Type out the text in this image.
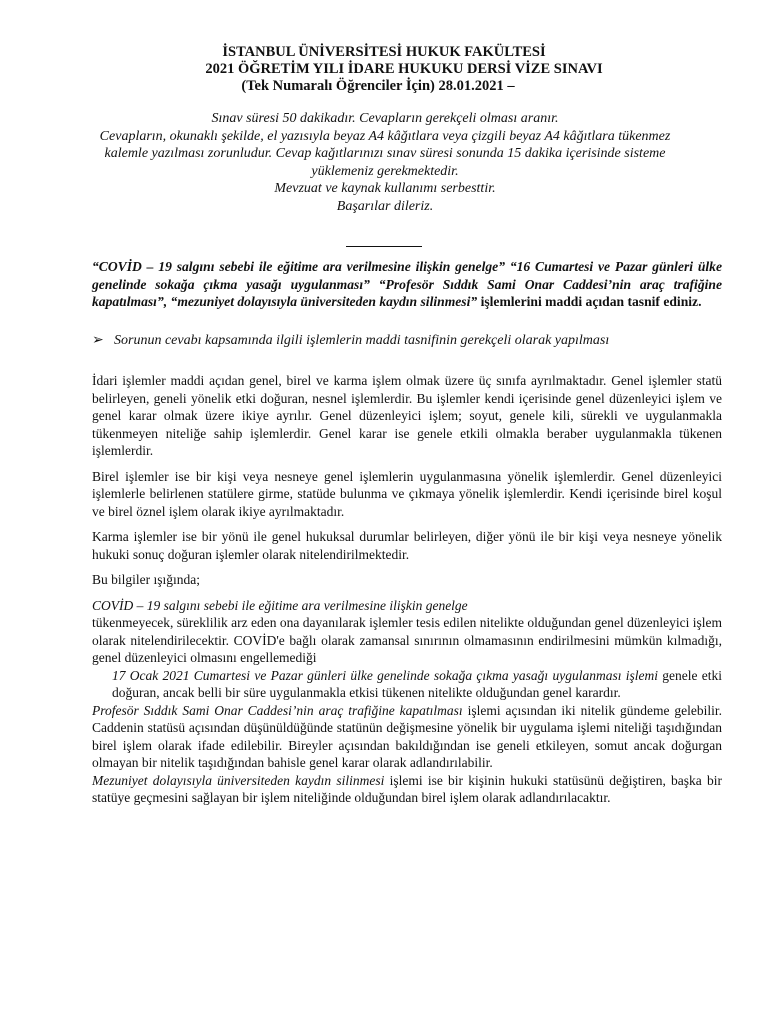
İSTANBUL ÜNİVERSİTESİ HUKUK FAKÜLTESİ
2021 ÖĞRETİM YILI İDARE HUKUKU DERSİ VİZE SINAVI
(Tek Numaralı Öğrenciler İçin) 28.01.2021 –
Sınav süresi 50 dakikadır. Cevapların gerekçeli olması aranır.
Cevapların, okunaklı şekilde, el yazısıyla beyaz A4 kâğıtlara veya çizgili beyaz A4 kâğıtlara tükenmez
kalemle yazılması zorunludur. Cevap kağıtlarınızı sınav süresi sonunda 15 dakika içerisinde sisteme
yüklemeniz gerekmektedir.
Mevzuat ve kaynak kullanımı serbesttir.
Başarılar dileriz.
“COVİD – 19 salgını sebebi ile eğitime ara verilmesine ilişkin genelge” “16 Cumartesi ve Pazar günleri ülke genelinde sokağa çıkma yasağı uygulanması” “Profesör Sıddık Sami Onar Caddesi’nin araç trafiğine kapatılması”, “mezuniyet dolayısıyla üniversiteden kaydın silinmesi” işlemlerini maddi açıdan tasnif ediniz.
➢ Sorunun cevabı kapsamında ilgili işlemlerin maddi tasnifinin gerekçeli olarak yapılması

İdari işlemler maddi açıdan genel, birel ve karma işlem olmak üzere üç sınıfa ayrılmaktadır. Genel işlemler statü belirleyen, geneli yönelik etki doğuran, nesnel işlemlerdir. Bu işlemler kendi içerisinde genel düzenleyici işlem ve genel karar olmak üzere ikiye ayrılır. Genel düzenleyici işlem; soyut, genele kili, sürekli ve uygulanmakla tükenmeyen niteliğe sahip işlemlerdir. Genel karar ise genele etkili olmakla beraber uygulanmakla tükenen işlemlerdir.

Birel işlemler ise bir kişi veya nesneye genel işlemlerin uygulanmasına yönelik işlemlerdir. Genel düzenleyici işlemlerle belirlenen statülere girme, statüde bulunma ve çıkmaya yönelik işlemlerdir. Kendi içerisinde birel koşul ve birel öznel işlem olarak ikiye ayrılmaktadır.

Karma işlemler ise bir yönü ile genel hukuksal durumlar belirleyen, diğer yönü ile bir kişi veya nesneye yönelik hukuki sonuç doğuran işlemler olarak nitelendirilmektedir.

Bu bilgiler ışığında;

COVİD – 19 salgını sebebi ile eğitime ara verilmesine ilişkin genelge
tükenmeyecek, süreklilik arz eden ona dayanılarak işlemler tesis edilen nitelikte olduğundan genel düzenleyici işlem olarak nitelendirilecektir. COVİD'e bağlı olarak zamansal sınırının olmamasının endirilmesini mümkün kılmadığı, genel düzenleyici olmasını engellemediği

17 Ocak 2021 Cumartesi ve Pazar günleri ülke genelinde sokağa çıkma yasağı uygulanması işlemi genele etki doğuran, ancak belli bir süre uygulanmakla etkisi tükenen nitelikte olduğundan genel karardır.

Profesör Sıddık Sami Onar Caddesi’nin araç trafiğine kapatılması işlemi açısından iki nitelik gündeme gelebilir. Caddenin statüsü açısından düşünüldüğünde statünün değişmesine yönelik bir uygulama işlemi niteliği taşıdığından birel işlem olarak ifade edilebilir. Bireyler açısından bakıldığından ise geneli etkileyen, somut ancak doğurgan olmayan bir nitelik taşıdığından bahisle genel karar olarak adlandırılabilir.

Mezuniyet dolayısıyla üniversiteden kaydın silinmesi işlemi ise bir kişinin hukuki statüsünü değiştiren, başka bir statüye geçmesini sağlayan bir işlem niteliğinde olduğundan birel işlem olarak adlandırılacaktır.
